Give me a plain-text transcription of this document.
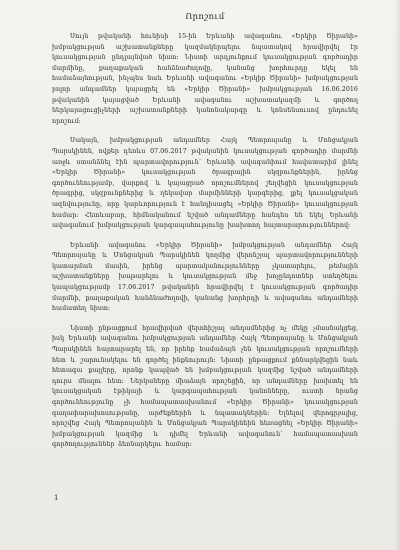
Որոշում

Սույն թվականի հունիսի 15-ին Երևանի ավագանու «Երկիր Ծիրանի» խմբակցության աշխատանքները կազմակերպելու նպատակով հրավիրվել էր կուսակցության ընդլայնված նիստ։ Նիստի արդյունքում կուսակցության գործադիր մարմինը, քաղաքական հանձնաժողովը, կանանց խորհուրդը եկել են համաձայնության, ինչպես նաև Երևանի ավագանու «Երկիր Ծիրանի» խմբակցության բոլոր անդամներ կայացրել են «Երկիր Ծիրանի» խմբակցության 16.06.2016 թվականին կայացված Երևանի ավագանու աշխատակազմի և գործող ներկայացուցիչների աշխատանքների կանոնակարգը և կոնսենսուսով ընդունել որոշում։

Սակայն, խմբակցության անդամներ Հայկ Պետրոսյանը և Մոնցակյան Պարսկինեն, ովքեր դեռևս 07.06.2017 թվականին կուսակցության գործադիր մարմնի առջև ստանձնել էին պարտավորություն՝ Երևանի ավագանիում հավատարիմ լինել «Երկիր Ծիրանի» կուսակցության ծրագրային սկզբունքներին, իրենց գործունեությամբ, վարքով և կայացրած որոշումներով շեղվեցին կուսակցության ծրագրից, սկզբունքներից և ղեկավար մարմինների կարգերից, լքել կուսակցական ազնվությունը, որը կարևորություն է հանդիսացել «Երկիր Ծիրանի» կուսակցության համար։ Հետևաբար, հիմնականում նշված անդամները հանդես են եկել Երևանի ավագանում խմբակցության կարգապահությունը խախտող հայտարարություններով։

Երևանի ավագանու «Երկիր Ծիրանի» խմբակցության անդամներ Հայկ Պետրոսյանը և Մոնցակյան Պարսկինեն կողմից վերոնշյալ պարտավորությունների կատարման մասին, իրենց պարտականությունները չկատարելու, թեմային աշխատանքները խաթարելու և կուսակցության մեջ խոչընդոտներ ստեղծելու կապակցությամբ 17.06.2017 թվականին հրավիրվել է կուսակցության գործադիր մարմնի, քաղաքական հանձնաժողովի, կանանց խորհրդի և ավագանու անդամների համատեղ նիստ։

Նիստի ընթացքում հրավիրված վերոհիշյալ անդամներից ոչ մեկը չմասնակցեց, իսկ Երևանի ավագանու խմբակցության անդամներ Հայկ Պետրոսյանը և Մոնցակյան Պարսկինեն հայտարարել են, որ իրենք համաձայն չեն կուսակցության որոշումների հետ և շարունակելու են գործել ինքնուրույն։ Նիստի ընթացքում քննարկվեցին նաև հետագա քայլերը, որոնք կապված են խմբակցության կազմից նշված անդամների դուրս մնալու հետ։ Ներկաները միաձայն որոշեցին, որ անդամները խախտել են կուսակցական էթիկայի և կարգապահության կանոնները, ուստի նրանց գործունեությունը չի համապատասխանում «Երկիր Ծիրանի» կուսակցության գաղափարախոսությանը, արժեքներին և նպատակներին։ Ելնելով վերոգրյալից, որոշվեց Հայկ Պետրոսյանին և Մոնցակյան Պարսկինեին հեռացնել «Երկիր Ծիրանի» խմբակցության կազմից և դիմել Երևանի ավագանուն՝ համապատասխան գործողություններ ձեռնարկելու համար։

1
